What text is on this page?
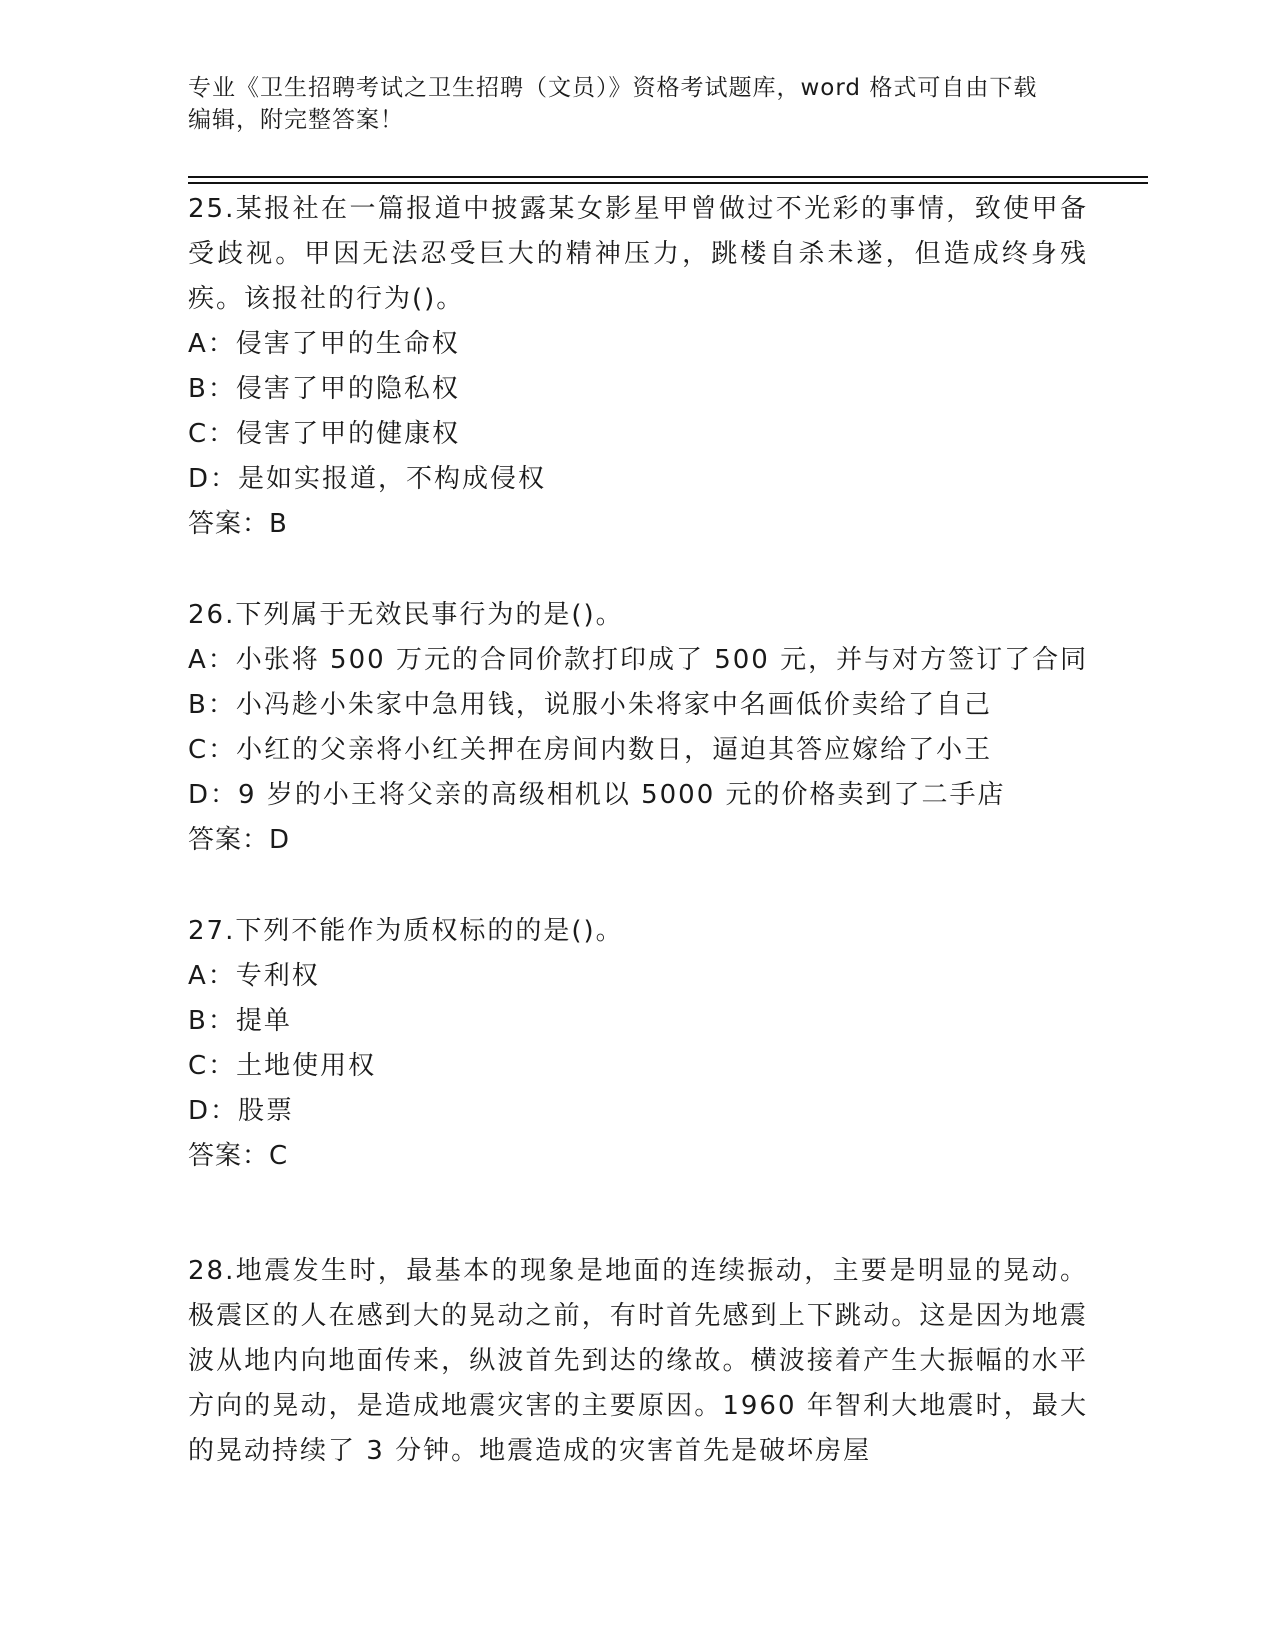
专业《卫生招聘考试之卫生招聘（文员）》资格考试题库，word 格式可自由下载
编辑，附完整答案！
25.某报社在一篇报道中披露某女影星甲曾做过不光彩的事情，致使甲备受歧视。甲因无法忍受巨大的精神压力，跳楼自杀未遂，但造成终身残疾。该报社的行为()。
A：侵害了甲的生命权
B：侵害了甲的隐私权
C：侵害了甲的健康权
D：是如实报道，不构成侵权
答案：B
26.下列属于无效民事行为的是()。
A：小张将 500 万元的合同价款打印成了 500 元，并与对方签订了合同
B：小冯趁小朱家中急用钱，说服小朱将家中名画低价卖给了自己
C：小红的父亲将小红关押在房间内数日，逼迫其答应嫁给了小王
D：9 岁的小王将父亲的高级相机以 5000 元的价格卖到了二手店
答案：D
27.下列不能作为质权标的的是()。
A：专利权
B：提单
C：土地使用权
D：股票
答案：C
28.地震发生时，最基本的现象是地面的连续振动，主要是明显的晃动。极震区的人在感到大的晃动之前，有时首先感到上下跳动。这是因为地震波从地内向地面传来，纵波首先到达的缘故。横波接着产生大振幅的水平方向的晃动，是造成地震灾害的主要原因。1960 年智利大地震时，最大的晃动持续了 3 分钟。地震造成的灾害首先是破坏房屋
